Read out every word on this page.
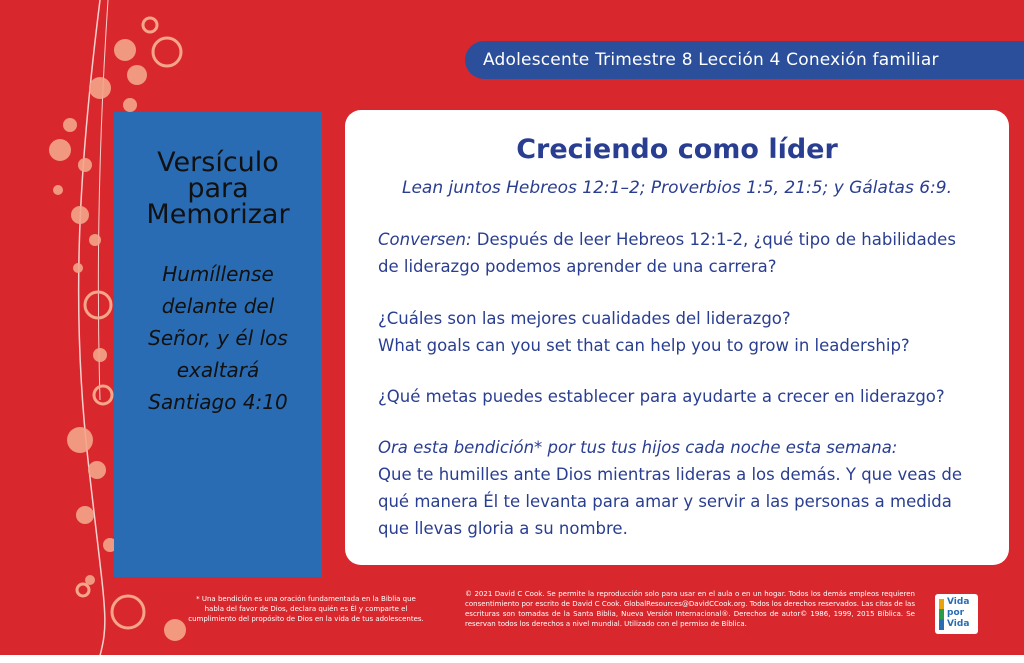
Adolescente Trimestre 8 Lección 4 Conexión familiar
Versículo
para
Memorizar
Humíllense
delante del
Señor, y él los
exaltará
Santiago 4:10
Creciendo como líder
Lean juntos Hebreos 12:1–2; Proverbios 1:5, 21:5; y Gálatas 6:9.
Conversen: Después de leer Hebreos 12:1-2, ¿qué tipo de habilidades
de liderazgo podemos aprender de una carrera?
¿Cuáles son las mejores cualidades del liderazgo?
What goals can you set that can help you to grow in leadership?
¿Qué metas puedes establecer para ayudarte a crecer en liderazgo?
Ora esta bendición* por tus tus hijos cada noche esta semana:
Que te humilles ante Dios mientras lideras a los demás. Y que veas de
qué manera Él te levanta para amar y servir a las personas a medida
que llevas gloria a su nombre.
* Una bendición es una oración fundamentada en la Biblia que habla del favor de Dios, declara quién es Él y comparte el cumplimiento del propósito de Dios en la vida de tus adolescentes.
© 2021 David C Cook. Se permite la reproducción solo para usar en el aula o en un hogar. Todos los demás empleos requieren consentimiento por escrito de David C Cook. GlobalResources@DavidCCook.org. Todos los derechos reservados. Las citas de las escrituras son tomadas de la Santa Biblia, Nueva Versión Internacional®. Derechos de autor© 1986, 1999, 2015 Bíblica. Se reservan todos los derechos a nivel mundial. Utilizado con el permiso de Bíblica.
Vida
por
Vida
